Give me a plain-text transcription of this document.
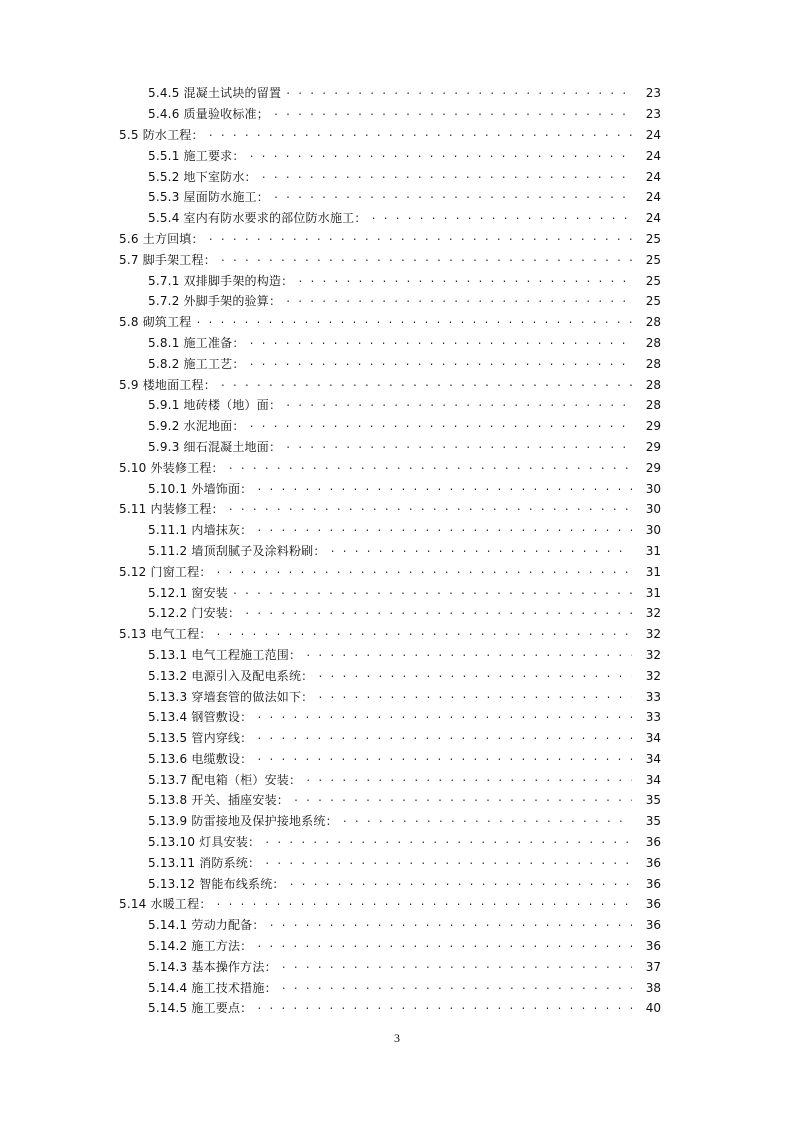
5.4.5 混凝土试块的留置 . . .	23
5.4.6 质量验收标准； . . .	23
5.5 防水工程： . . .	24
5.5.1 施工要求： . . .	24
5.5.2 地下室防水： . . .	24
5.5.3 屋面防水施工： . . .	24
5.5.4 室内有防水要求的部位防水施工： . . .	24
5.6 土方回填： . . .	25
5.7 脚手架工程： . . .	25
5.7.1 双排脚手架的构造： . . .	25
5.7.2 外脚手架的验算： . . .	25
5.8 砌筑工程 . . .	28
5.8.1 施工准备： . . .	28
5.8.2 施工工艺： . . .	28
5.9 楼地面工程： . . .	28
5.9.1 地砖楼（地）面： . . .	28
5.9.2 水泥地面： . . .	29
5.9.3 细石混凝土地面： . . .	29
5.10 外装修工程： . . .	29
5.10.1 外墙饰面： . . .	30
5.11 内装修工程： . . .	30
5.11.1 内墙抹灰： . . .	30
5.11.2 墙顶刮腻子及涂料粉刷： . . .	31
5.12 门窗工程： . . .	31
5.12.1 窗安装 . . .	31
5.12.2 门安装： . . .	32
5.13 电气工程： . . .	32
5.13.1 电气工程施工范围： . . .	32
5.13.2 电源引入及配电系统： . . .	32
5.13.3 穿墙套管的做法如下： . . .	33
5.13.4 钢管敷设： . . .	33
5.13.5 管内穿线： . . .	34
5.13.6 电缆敷设： . . .	34
5.13.7 配电箱（柜）安装： . . .	34
5.13.8 开关、插座安装： . . .	35
5.13.9 防雷接地及保护接地系统： . . .	35
5.13.10 灯具安装： . . .	36
5.13.11 消防系统： . . .	36
5.13.12 智能布线系统： . . .	36
5.14 水暖工程： . . .	36
5.14.1 劳动力配备： . . .	36
5.14.2 施工方法： . . .	36
5.14.3 基本操作方法： . . .	37
5.14.4 施工技术措施： . . .	38
5.14.5 施工要点： . . .	40
3
